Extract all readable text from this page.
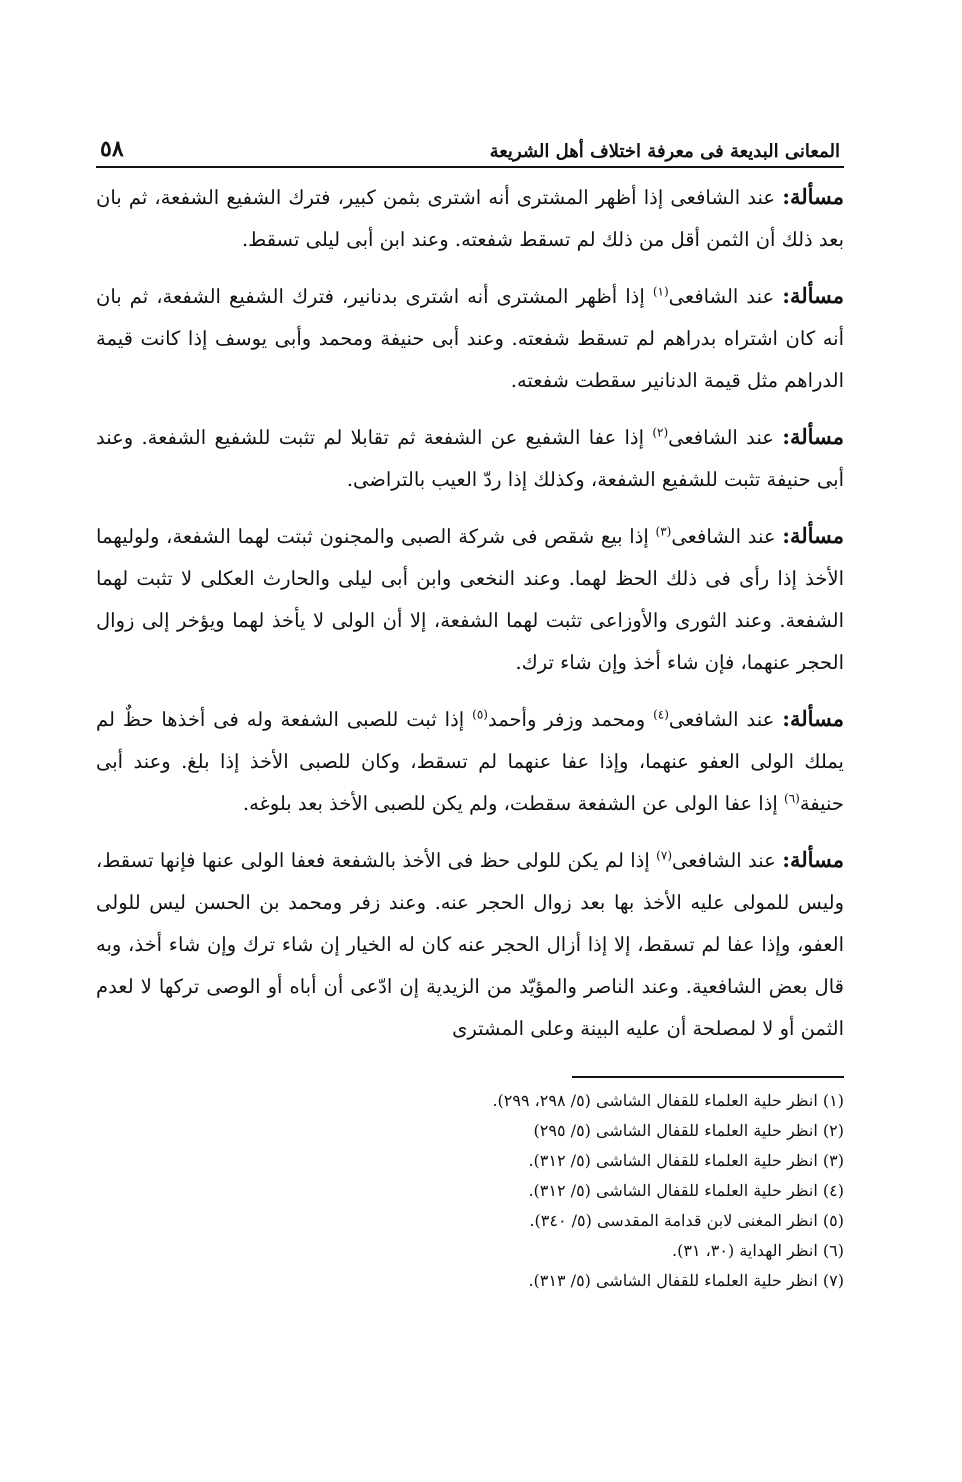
المعانى البديعة فى معرفة اختلاف أهل الشريعة
٥٨

مسألة: عند الشافعى إذا أظهر المشترى أنه اشترى بثمن كبير، فترك الشفيع الشفعة، ثم بان بعد ذلك أن الثمن أقل من ذلك لم تسقط شفعته. وعند ابن أبى ليلى تسقط.

مسألة: عند الشافعى$^{(١)}$ إذا أظهر المشترى أنه اشترى بدنانير، فترك الشفيع الشفعة، ثم بان أنه كان اشتراه بدراهم لم تسقط شفعته. وعند أبى حنيفة ومحمد وأبى يوسف إذا كانت قيمة الدراهم مثل قيمة الدنانير سقطت شفعته.

مسألة: عند الشافعى$^{(٢)}$ إذا عفا الشفيع عن الشفعة ثم تقابلا لم تثبت للشفيع الشفعة. وعند أبى حنيفة تثبت للشفيع الشفعة، وكذلك إذا ردّ العيب بالتراضى.

مسألة: عند الشافعى$^{(٣)}$ إذا بيع شقص فى شركة الصبى والمجنون ثبتت لهما الشفعة، ولوليهما الأخذ إذا رأى فى ذلك الحظ لهما. وعند النخعى وابن أبى ليلى والحارث العكلى لا تثبت لهما الشفعة. وعند الثورى والأوزاعى تثبت لهما الشفعة، إلا أن الولى لا يأخذ لهما ويؤخر إلى زوال الحجر عنهما، فإن شاء أخذ وإن شاء ترك.

مسألة: عند الشافعى$^{(٤)}$ ومحمد وزفر وأحمد$^{(٥)}$ إذا ثبت للصبى الشفعة وله فى أخذها حظٌ لم يملك الولى العفو عنهما، وإذا عفا عنهما لم تسقط، وكان للصبى الأخذ إذا بلغ. وعند أبى حنيفة$^{(٦)}$ إذا عفا الولى عن الشفعة سقطت، ولم يكن للصبى الأخذ بعد بلوغه.

مسألة: عند الشافعى$^{(٧)}$ إذا لم يكن للولى حظ فى الأخذ بالشفعة فعفا الولى عنها فإنها تسقط، وليس للمولى عليه الأخذ بها بعد زوال الحجر عنه. وعند زفر ومحمد بن الحسن ليس للولى العفو، وإذا عفا لم تسقط، إلا إذا أزال الحجر عنه كان له الخيار إن شاء ترك وإن شاء أخذ، وبه قال بعض الشافعية. وعند الناصر والمؤيّد من الزيدية إن ادّعى أن أباه أو الوصى تركها لا لعدم الثمن أو لا لمصلحة أن عليه البينة وعلى المشترى

(١) انظر حلية العلماء للقفال الشاشى (٥/ ٢٩٨، ٢٩٩).

(٢) انظر حلية العلماء للقفال الشاشى (٥/ ٢٩٥)

(٣) انظر حلية العلماء للقفال الشاشى (٥/ ٣١٢).

(٤) انظر حلية العلماء للقفال الشاشى (٥/ ٣١٢).

(٥) انظر المغنى لابن قدامة المقدسى (٥/ ٣٤٠).

(٦) انظر الهداية (٣٠، ٣١).

(٧) انظر حلية العلماء للقفال الشاشى (٥/ ٣١٣).
